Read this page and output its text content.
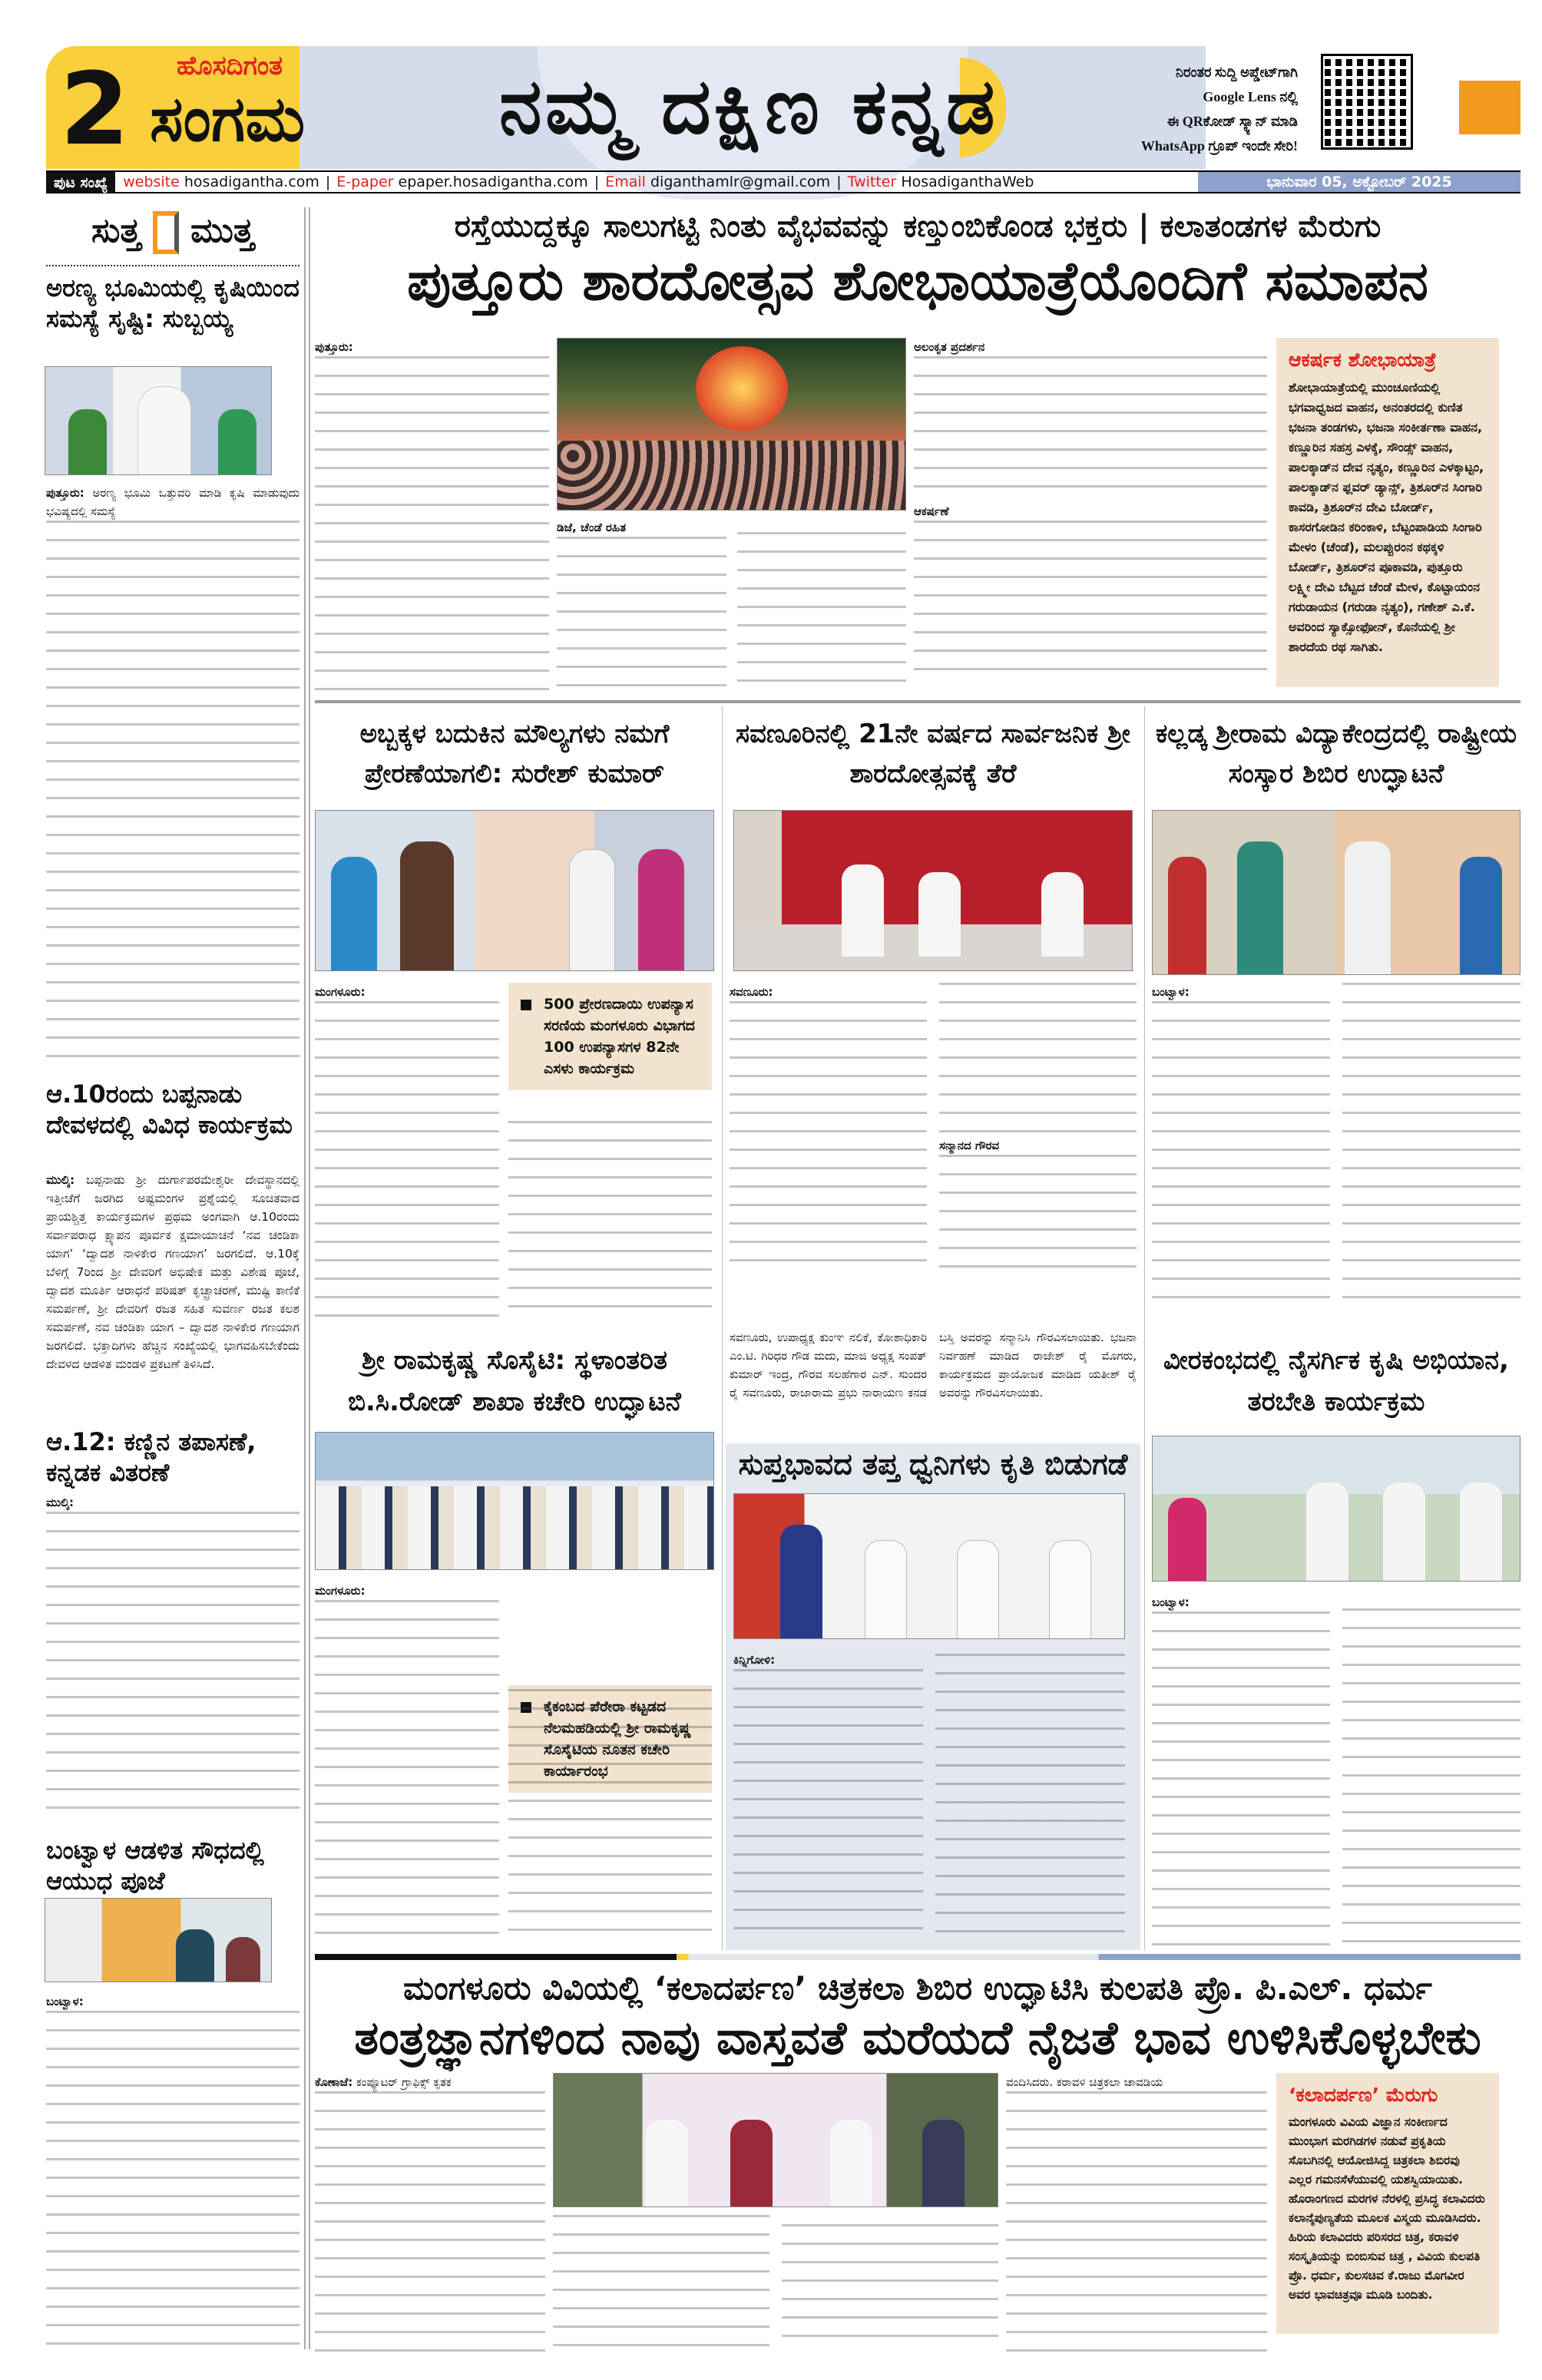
2 ಹೊಸದಿಗಂತ
ಸಂಗಮ	ನಮ್ಮ ದಕ್ಷಿಣ ಕನ್ನಡ	ನಿರಂತರ ಸುದ್ದಿ ಅಪ್ಡೇಟ್‌ಗಾಗಿ
Google Lens ನಲ್ಲಿ
ಈ QRಕೋಡ್ ಸ್ಕ್ಯಾನ್ ಮಾಡಿ
WhatsApp ಗ್ರೂಪ್ ಇಂದೇ ಸೇರಿ!
ಪುಟ ಸಂಖ್ಯೆ	website
hosadigantha.com | E-paper
epaper.hosadigantha.com | Email
diganthamlr@gmail.com | Twitter
HosadiganthaWeb	ಭಾನುವಾರ 05, ಅಕ್ಟೋಬರ್ 2025
ಸುತ್ತ ಮುತ್ತ
ಅರಣ್ಯ ಭೂಮಿಯಲ್ಲಿ ಕೃಷಿಯಿಂದ ಸಮಸ್ಯೆ ಸೃಷ್ಟಿ: ಸುಬ್ಬಯ್ಯ
ಪುತ್ತೂರು: ಅರಣ್ಯ ಭೂಮಿ ಒತ್ತುವರಿ ಮಾಡಿ ಕೃಷಿ ಮಾಡುವುದು ಭವಿಷ್ಯದಲ್ಲಿ ಸಮಸ್ಯೆ
ಆ.10ರಂದು ಬಪ್ಪನಾಡು ದೇವಳದಲ್ಲಿ ವಿವಿಧ ಕಾರ್ಯಕ್ರಮ
ಮುಲ್ಕಿ: ಬಪ್ಪನಾಡು ಶ್ರೀ ದುರ್ಗಾಪರಮೇಶ್ವರೀ ದೇವಸ್ಥಾನದಲ್ಲಿ ಇತ್ತೀಚೆಗೆ ಜರಗಿದ ಅಷ್ಟಮಂಗಳ ಪ್ರಶ್ನೆಯಲ್ಲಿ ಸೂಚಿತವಾದ ಪ್ರಾಯಶ್ಚಿತ್ತ ಕಾರ್ಯಕ್ರಮಗಳ ಪ್ರಥಮ ಅಂಗವಾಗಿ ಆ.10ರಂದು ಸರ್ವಾಪರಾಧ ಕ್ಷ್ಯಾಪನ ಪೂರ್ವಕ ಕ್ಷಮಾಯಾಚನೆ ‘ನವ ಚಂಡಿಕಾ ಯಾಗ’ ‘ದ್ವಾದಶ ನಾಳಿಕೇರ ಗಣಯಾಗ’ ಜರಗಲಿದೆ. ಆ.10ಕ್ಕೆ ಬೆಳಿಗ್ಗೆ 7ರಿಂದ ಶ್ರೀ ದೇವರಿಗೆ ಅಭಿಷೇಕ ಮತ್ತು ವಿಶೇಷ ಪೂಜೆ, ದ್ವಾದಶ ಮೂರ್ತಿ ಆರಾಧನೆ ಪರಿಷತ್ ಕೃಚ್ಛ್ರಾಚರಣೆ, ಮುಷ್ಟಿ ಕಾಣಿಕೆ ಸಮರ್ಪಣೆ, ಶ್ರೀ ದೇವರಿಗೆ ರಜತ ಸಹಿತ ಸುವರ್ಣ ರಜತ ಕಲಶ ಸಮರ್ಪಣೆ, ನವ ಚಂಡಿಕಾ ಯಾಗ – ದ್ವಾದಶ ನಾಳಿಕೇರ ಗಣಯಾಗ ಜರಗಲಿದೆ. ಭಕ್ತಾದಿಗಳು ಹೆಚ್ಚಿನ ಸಂಖ್ಯೆಯಲ್ಲಿ ಭಾಗವಹಿಸಬೇಕೆಂದು ದೇವಳದ ಆಡಳಿತ ಮಂಡಳಿ ಪ್ರಕಟಣೆ ತಿಳಿಸಿದೆ.
ಆ.12: ಕಣ್ಣಿನ ತಪಾಸಣೆ, ಕನ್ನಡಕ ವಿತರಣೆ
ಮುಲ್ಕಿ:
ಬಂಟ್ವಾಳ ಆಡಳಿತ ಸೌಧದಲ್ಲಿ ಆಯುಧ ಪೂಜೆ
ಬಂಟ್ವಾಳ:
ರಸ್ತೆಯುದ್ದಕ್ಕೂ ಸಾಲುಗಟ್ಟಿ ನಿಂತು ವೈಭವವನ್ನು ಕಣ್ತುಂಬಿಕೊಂಡ ಭಕ್ತರು | ಕಲಾತಂಡಗಳ ಮೆರುಗು
ಪುತ್ತೂರು ಶಾರದೋತ್ಸವ ಶೋಭಾಯಾತ್ರೆಯೊಂದಿಗೆ ಸಮಾಪನ
ಪುತ್ತೂರು:
ಡಿಜೆ, ಚೆಂಡೆ ರಹಿತ
ಅಲಂಕೃತ ಪ್ರದರ್ಶನ
ಆಕರ್ಷಣೆ
ಆಕರ್ಷಕ ಶೋಭಾಯಾತ್ರೆ
ಶೋಭಾಯಾತ್ರೆಯಲ್ಲಿ ಮುಂಚೂಣಿಯಲ್ಲಿ ಭಗವಾಧ್ವಜದ ವಾಹನ, ಅನಂತರದಲ್ಲಿ ಕುಣಿತ ಭಜನಾ ತಂಡಗಳು, ಭಜನಾ ಸಂಕೀರ್ತಣಾ ವಾಹನ, ಕಣ್ಣೂರಿನ ಸಹಸ್ರ ಎಳಕ್ಕೆ, ಸೌಂಡ್ಸ್ ವಾಹನ, ಪಾಲಕ್ಕಾಡ್‌ನ ದೇವ ನೃತ್ಯಂ, ಕಣ್ಣೂರಿನ ಎಳಕ್ಕಾಟ್ಟಂ, ಪಾಲಕ್ಕಾಡ್‌ನ ಫ್ಲವರ್ ಡ್ಯಾನ್ಸ್, ತ್ರಿಶೂರ್‌ನ ಸಿಂಗಾರಿ ಕಾವಡಿ, ತ್ರಿಶೂರ್‌ನ ದೇವಿ ಬೋರ್ಡ್, ಕಾಸರಗೋಡಿನ ಕರಿಂಕಾಳಿ, ಬೆಟ್ಟಂಪಾಡಿಯ ಸಿಂಗಾರಿ ಮೇಳಂ (ಚೆಂಡೆ), ಮಲಪ್ಪುರಂನ ಕಥಕ್ಕಳಿ ಬೋರ್ಡ್, ತ್ರಿಶೂರ್‌ನ ಪೂಕಾವಡಿ, ಪುತ್ತೂರು ಲಕ್ಷ್ಮೀ ದೇವಿ ಬೆಟ್ಟದ ಚೆಂಡೆ ಮೇಳ, ಕೊಟ್ಟಾಯಂನ ಗರುಡಾಯನ (ಗರುಡಾ ನೃತ್ಯಂ), ಗಣೇಶ್ ಎ.ಕೆ. ಅವರಿಂದ ಸ್ಯಾಕ್ಸೋಫೋನ್, ಕೊನೆಯಲ್ಲಿ ಶ್ರೀ ಶಾರದೆಯ ರಥ ಸಾಗಿತು.
ಅಬ್ಬಕ್ಕಳ ಬದುಕಿನ ಮೌಲ್ಯಗಳು ನಮಗೆ ಪ್ರೇರಣೆಯಾಗಲಿ: ಸುರೇಶ್ ಕುಮಾರ್
ಮಂಗಳೂರು:
500 ಪ್ರೇರಣದಾಯಿ ಉಪನ್ಯಾಸ ಸರಣಿಯ ಮಂಗಳೂರು ವಿಭಾಗದ 100 ಉಪನ್ಯಾಸಗಳ 82ನೇ ಎಸಳು ಕಾರ್ಯಕ್ರಮ
ಸವಣೂರಿನಲ್ಲಿ 21ನೇ ವರ್ಷದ ಸಾರ್ವಜನಿಕ ಶ್ರೀ ಶಾರದೋತ್ಸವಕ್ಕೆ ತೆರೆ
ಸವಣೂರು:
ಸನ್ಮಾನದ ಗೌರವ
ಸವಣೂರು, ಉಪಾಧ್ಯಕ್ಷ ಕುಂಞ ನಲಿಕೆ, ಕೋಶಾಧಿಕಾರಿ ಎಂ.ಟಿ. ಗಿರಿಧರ ಗೌಡ ಮದು, ಮಾಜಿ ಅಧ್ಯಕ್ಷ ಸಂಪತ್ ಕುಮಾರ್ ಇಂದ್ರ, ಗೌರವ ಸಲಹೆಗಾರ ಎನ್. ಸುಂದರ ರೈ ಸವಣೂರು, ರಾಜಾರಾಮ ಪ್ರಭು ನಾರಾಯಣ ಕನಡ ಬಸ್ತಿ ಅವರನ್ನು ಸನ್ಮಾನಿಸಿ ಗೌರವಿಸಲಾಯಿತು. ಭಜನಾ ನಿರ್ವಹಣೆ ಮಾಡಿದ ರಾಜೇಶ್ ರೈ ಮೊಗರು, ಕಾರ್ಯಕ್ರಮದ ಪ್ರಾಯೋಜಕ ಮಾಡಿದ ಯತೀಶ್ ರೈ ಅವರನ್ನು ಗೌರವಿಸಲಾಯಿತು.
ಕಲ್ಲಡ್ಕ ಶ್ರೀರಾಮ ವಿದ್ಯಾಕೇಂದ್ರದಲ್ಲಿ ರಾಷ್ಟ್ರೀಯ ಸಂಸ್ಕಾರ ಶಿಬಿರ ಉದ್ಘಾಟನೆ
ಬಂಟ್ವಾಳ:
ಶ್ರೀ ರಾಮಕೃಷ್ಣ ಸೊಸೈಟಿ: ಸ್ಥಳಾಂತರಿತ ಬಿ.ಸಿ.ರೋಡ್ ಶಾಖಾ ಕಚೇರಿ ಉದ್ಘಾಟನೆ
ಮಂಗಳೂರು:
ಕೈಕಂಬದ ಪೆರೇರಾ ಕಟ್ಟಡದ ನೆಲಮಹಡಿಯಲ್ಲಿ ಶ್ರೀ ರಾಮಕೃಷ್ಣ ಸೊಸೈಟಿಯ ನೂತನ ಕಚೇರಿ ಕಾರ್ಯಾರಂಭ
ಸುಪ್ತಭಾವದ ತಪ್ತ ಧ್ವನಿಗಳು ಕೃತಿ ಬಿಡುಗಡೆ
ಕಿನ್ನಿಗೋಳಿ:
ವೀರಕಂಭದಲ್ಲಿ ನೈಸರ್ಗಿಕ ಕೃಷಿ ಅಭಿಯಾನ, ತರಬೇತಿ ಕಾರ್ಯಕ್ರಮ
ಬಂಟ್ವಾಳ:
ಮಂಗಳೂರು ವಿವಿಯಲ್ಲಿ ‘ಕಲಾದರ್ಪಣ’ ಚಿತ್ರಕಲಾ ಶಿಬಿರ ಉದ್ಘಾಟಿಸಿ ಕುಲಪತಿ ಪ್ರೊ. ಪಿ.ಎಲ್. ಧರ್ಮ
ತಂತ್ರಜ್ಞಾನಗಳಿಂದ ನಾವು ವಾಸ್ತವತೆ ಮರೆಯದೆ ನೈಜತೆ ಭಾವ ಉಳಿಸಿಕೊಳ್ಳಬೇಕು
ಕೊಣಾಜೆ: ಕಂಪ್ಯೂಟರ್ ಗ್ರಾಫಿಕ್ಸ್ ಕೃತಕ	ವಂದಿಸಿದರು. ಕರಾವಳಿ ಚಿತ್ರಕಲಾ ಚಾವಡಿಯ
‘ಕಲಾದರ್ಪಣ’ ಮೆರುಗು
ಮಂಗಳೂರು ವಿವಿಯ ವಿಜ್ಞಾನ ಸಂಕೀರ್ಣದ ಮುಂಭಾಗ ಮರಗಿಡಗಳ ನಡುವೆ ಪ್ರಕೃತಿಯ ಸೊಬಗಿನಲ್ಲಿ ಆಯೋಜಿಸಿದ್ದ ಚಿತ್ರಕಲಾ ಶಿಬಿರವು ಎಲ್ಲರ ಗಮನಸೆಳೆಯುವಲ್ಲಿ ಯಶಸ್ವಿಯಾಯಿತು. ಹೊರಾಂಗಣದ ಮರಗಳ ನೆರಳಲ್ಲಿ ಪ್ರಸಿದ್ಧ ಕಲಾವಿದರು ಕಲಾನೈಪುಣ್ಯತೆಯ ಮೂಲಕ ವಿಸ್ಮಯ ಮೂಡಿಸಿದರು. ಹಿರಿಯ ಕಲಾವಿದರು ಪರಿಸರದ ಚಿತ್ರ, ಕರಾವಳಿ ಸಂಸ್ಕೃತಿಯನ್ನು ಬಿಂಬಿಸುವ ಚಿತ್ರ , ವಿವಿಯ ಕುಲಪತಿ ಪ್ರೊ. ಧರ್ಮ, ಕುಲಸಚಿವ ಕೆ.ರಾಜು ಮೊಗವೀರ ಅವರ ಭಾವಚಿತ್ರವೂ ಮೂಡಿ ಬಂದಿತು.
